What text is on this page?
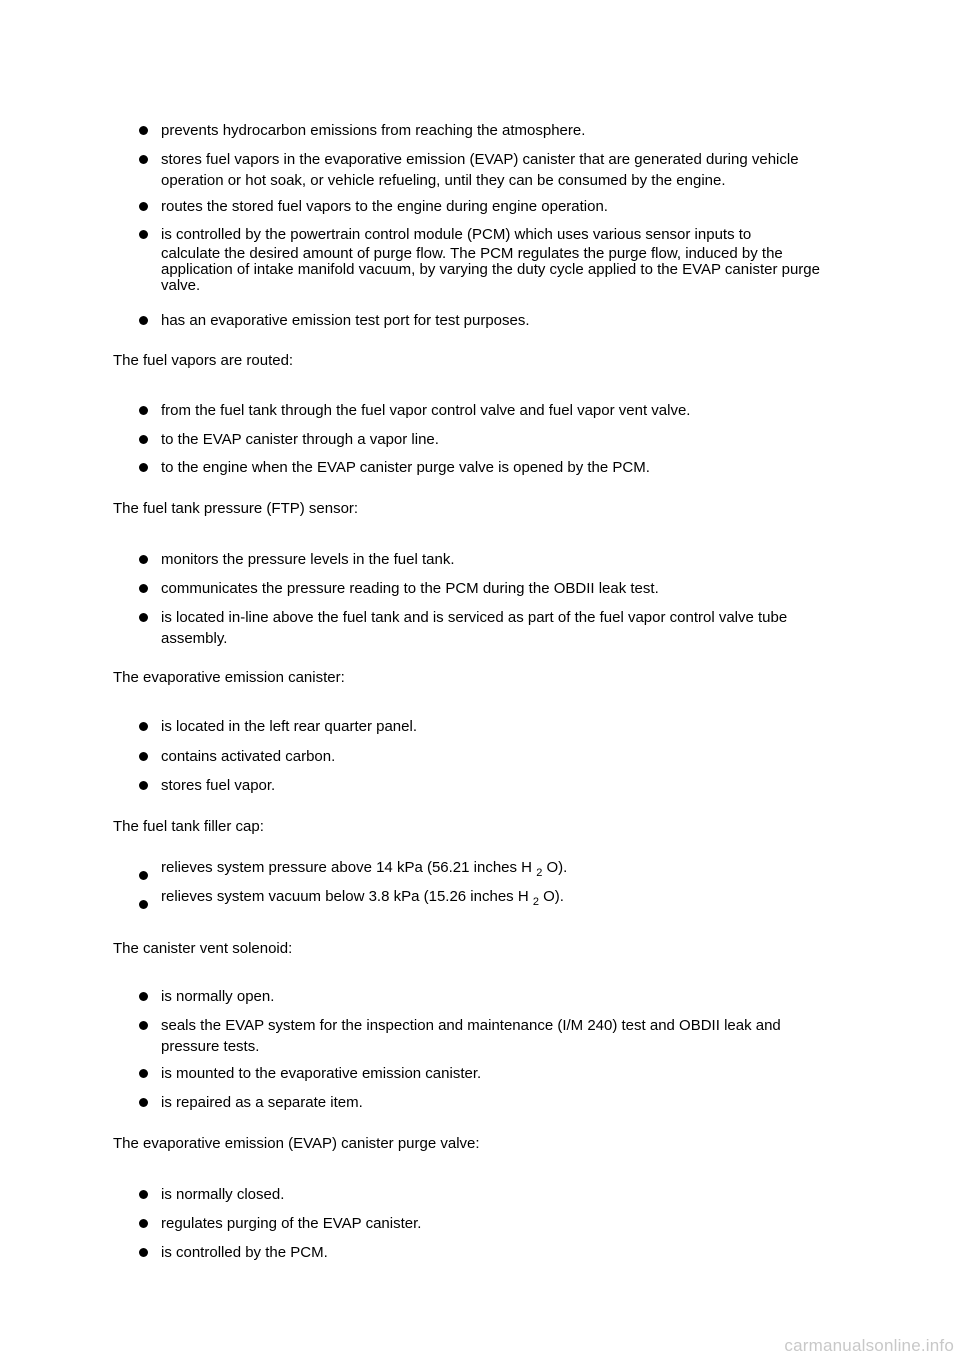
prevents hydrocarbon emissions from reaching the atmosphere.
stores fuel vapors in the evaporative emission (EVAP) canister that are generated during vehicle operation or hot soak, or vehicle refueling, until they can be consumed by the engine.
routes the stored fuel vapors to the engine during engine operation.
is controlled by the powertrain control module (PCM) which uses various sensor inputs to
calculate the desired amount of purge flow. The PCM regulates the purge flow, induced by the application of intake manifold vacuum, by varying the duty cycle applied to the EVAP canister purge valve.
has an evaporative emission test port for test purposes.
The fuel vapors are routed:
from the fuel tank through the fuel vapor control valve and fuel vapor vent valve.
to the EVAP canister through a vapor line.
to the engine when the EVAP canister purge valve is opened by the PCM.
The fuel tank pressure (FTP) sensor:
monitors the pressure levels in the fuel tank.
communicates the pressure reading to the PCM during the OBDII leak test.
is located in-line above the fuel tank and is serviced as part of the fuel vapor control valve tube assembly.
The evaporative emission canister:
is located in the left rear quarter panel.
contains activated carbon.
stores fuel vapor.
The fuel tank filler cap:
relieves system pressure above 14 kPa (56.21 inches H $_2$ O).
relieves system vacuum below 3.8 kPa (15.26 inches H $_2$ O).
The canister vent solenoid:
is normally open.
seals the EVAP system for the inspection and maintenance (I/M 240) test and OBDII leak and pressure tests.
is mounted to the evaporative emission canister.
is repaired as a separate item.
The evaporative emission (EVAP) canister purge valve:
is normally closed.
regulates purging of the EVAP canister.
is controlled by the PCM.
carmanualsonline.info
